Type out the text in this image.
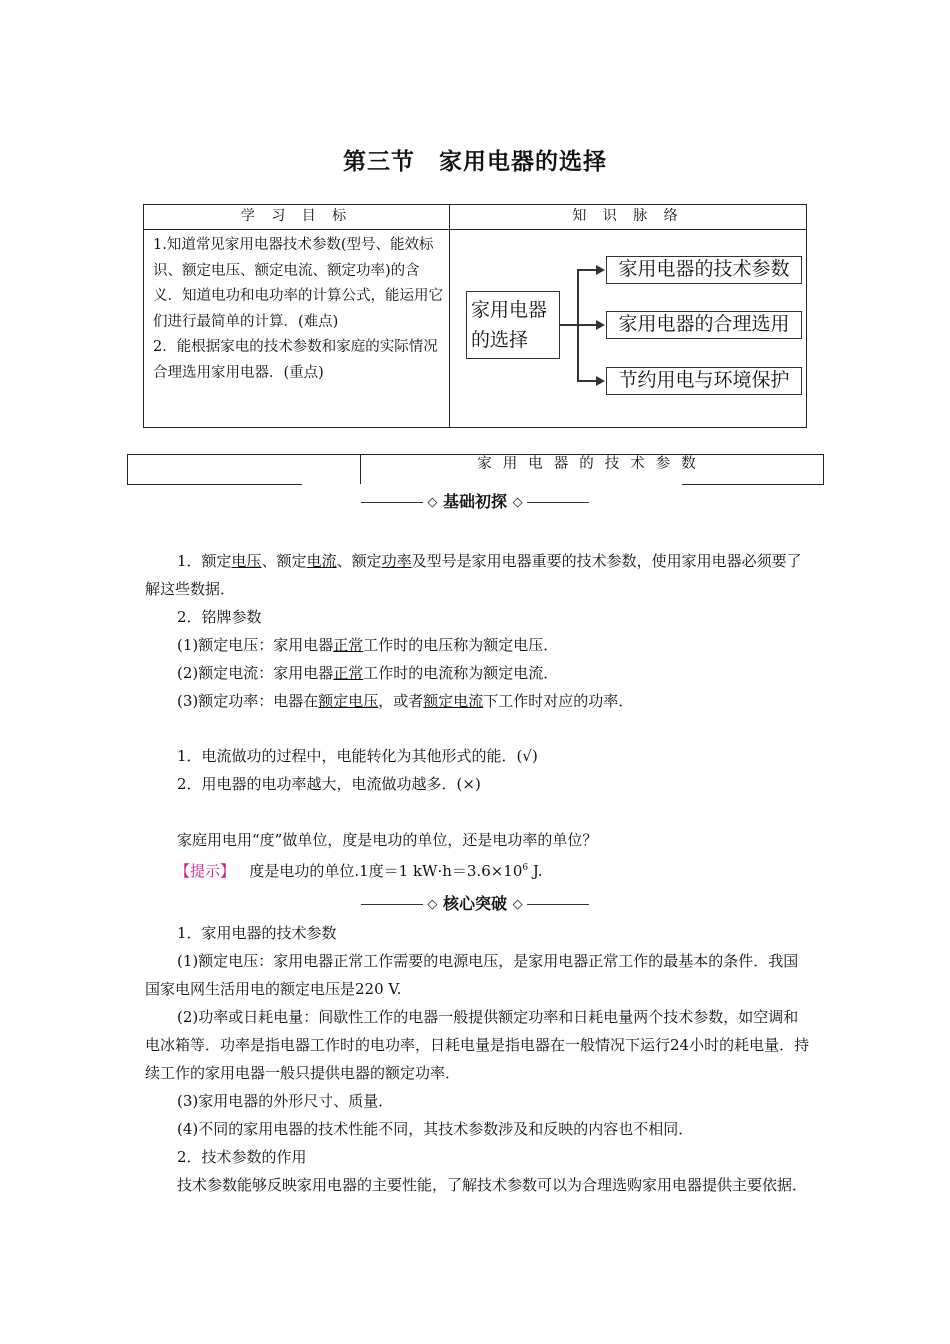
第三节 家用电器的选择
学 习 目 标	知 识 脉 络

1.知道常见家用电器技术参数(型号、能效标识、额定电压、额定电流、额定功率)的含义．知道电功和电功率的计算公式，能运用它们进行最简单的计算．(难点)

2．能根据家电的技术参数和家庭的实际情况合理选用家用电器．(重点)

家用电器
的选择
家用电器的技术参数
家用电器的合理选用
节约用电与环境保护
家用电器的技术参数
◇ 基础初探 ◇

1．额定电压、额定电流、额定功率及型号是家用电器重要的技术参数，使用家用电器必须要了解这些数据．

2．铭牌参数

(1)额定电压：家用电器正常工作时的电压称为额定电压．

(2)额定电流：家用电器正常工作时的电流称为额定电流．

(3)额定功率：电器在额定电压，或者额定电流下工作时对应的功率．

1．电流做功的过程中，电能转化为其他形式的能．(√)

2．用电器的电功率越大，电流做功越多．(×)

家庭用电用“度”做单位，度是电功的单位，还是电功率的单位？

【提示】 度是电功的单位.1度＝1 $kW\cdot h=3.6\times 10^6$ J.

◇ 核心突破 ◇

1．家用电器的技术参数

(1)额定电压：家用电器正常工作需要的电源电压，是家用电器正常工作的最基本的条件．我国国家电网生活用电的额定电压是220 V.

(2)功率或日耗电量：间歇性工作的电器一般提供额定功率和日耗电量两个技术参数，如空调和电冰箱等．功率是指电器工作时的电功率，日耗电量是指电器在一般情况下运行24小时的耗电量．持续工作的家用电器一般只提供电器的额定功率．

(3)家用电器的外形尺寸、质量．

(4)不同的家用电器的技术性能不同，其技术参数涉及和反映的内容也不相同．

2．技术参数的作用

技术参数能够反映家用电器的主要性能，了解技术参数可以为合理选购家用电器提供主要依据．
